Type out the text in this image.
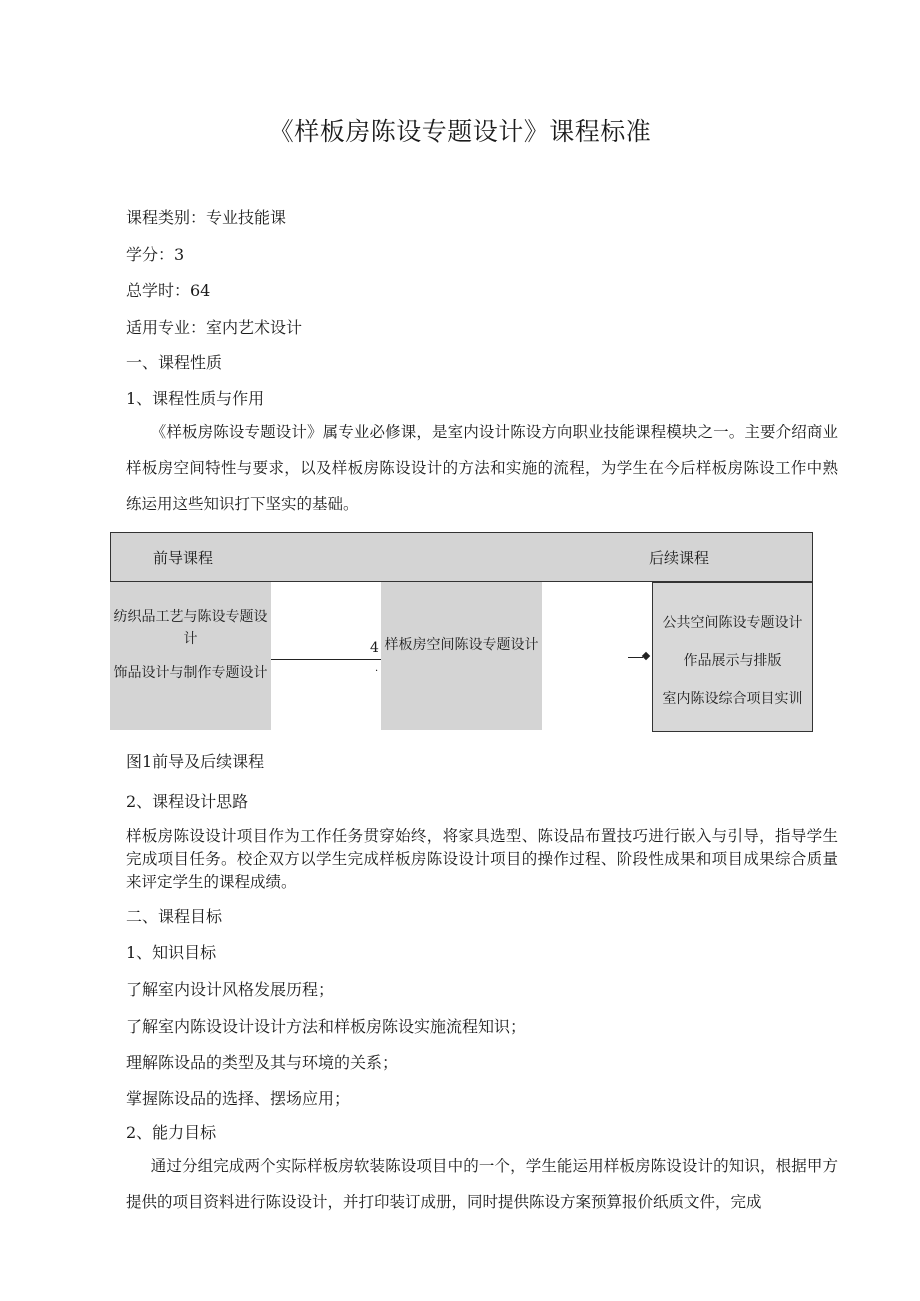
《样板房陈设专题设计》课程标准
课程类别：专业技能课
学分：3
总学时：64
适用专业：室内艺术设计
一、课程性质
1、课程性质与作用
《样板房陈设专题设计》属专业必修课，是室内设计陈设方向职业技能课程模块之一。主要介绍商业样板房空间特性与要求，以及样板房陈设设计的方法和实施的流程，为学生在今后样板房陈设工作中熟练运用这些知识打下坚实的基础。
前导课程	后续课程
纺织品工艺与陈设专题设计
饰品设计与制作专题设计
4
·
样板房空间陈设专题设计
公共空间陈设专题设计
作品展示与排版
室内陈设综合项目实训
图1前导及后续课程
2、课程设计思路
样板房陈设设计项目作为工作任务贯穿始终，将家具选型、陈设品布置技巧进行嵌入与引导，指导学生完成项目任务。校企双方以学生完成样板房陈设设计项目的操作过程、阶段性成果和项目成果综合质量来评定学生的课程成绩。
二、课程目标
1、知识目标
了解室内设计风格发展历程；
了解室内陈设设计设计方法和样板房陈设实施流程知识；
理解陈设品的类型及其与环境的关系；
掌握陈设品的选择、摆场应用；
2、能力目标
通过分组完成两个实际样板房软装陈设项目中的一个，学生能运用样板房陈设设计的知识，根据甲方提供的项目资料进行陈设设计，并打印装订成册，同时提供陈设方案预算报价纸质文件，完成
